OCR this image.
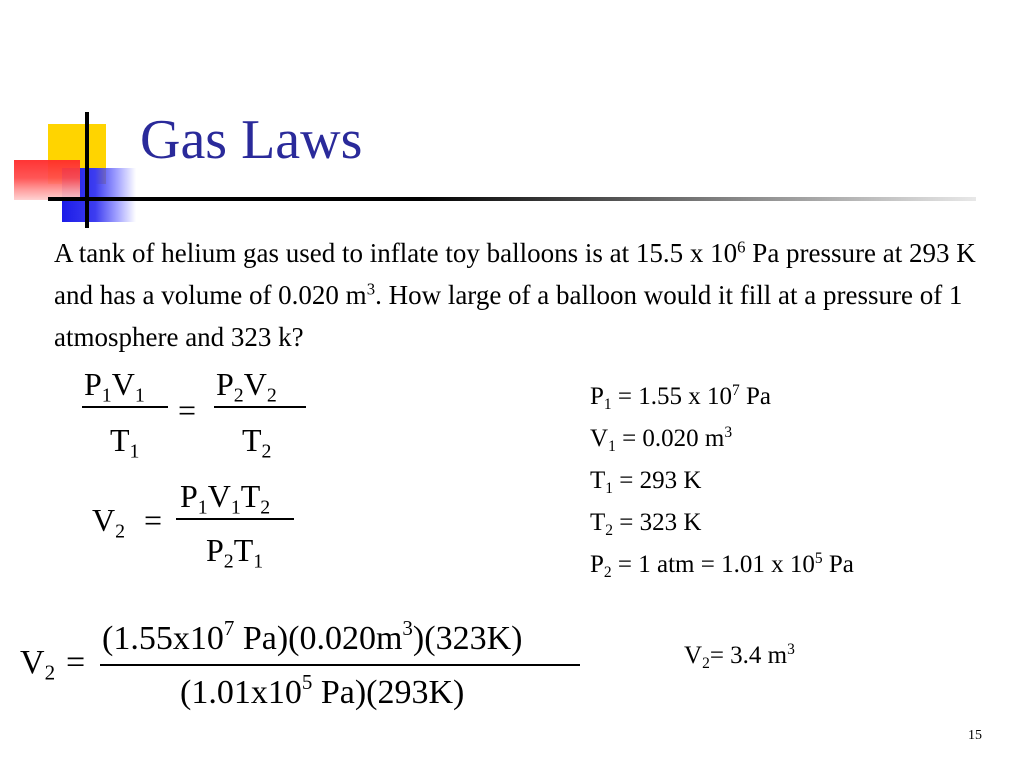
Gas Laws
A tank of helium gas used to inflate toy balloons is at 15.5 x $10^6$ Pa pressure at 293 K and has a volume of 0.020 $m^3$. How large of a balloon would it fill at a pressure of 1 atmosphere and 323 k?
$P_1V_1$
$T_1$
=
$P_2V_2$
$T_2$
$V_2$ =
$P_1V_1T_2$
$P_2T_1$
$P_1 = 1.55$ x $10^7$ Pa
$V_1 = 0.020$ $m^3$
$T_1 = 293$ K
$T_2 = 323$ K
$P_2 = 1$ atm = 1.01 x $10^5$ Pa
$V_2$ =
($1.55x10^7$ $Pa)(0.020m^3)(323K)$
($1.01x10^5$ Pa)(293K)
$V_2= 3.4$ $m^3$
15
